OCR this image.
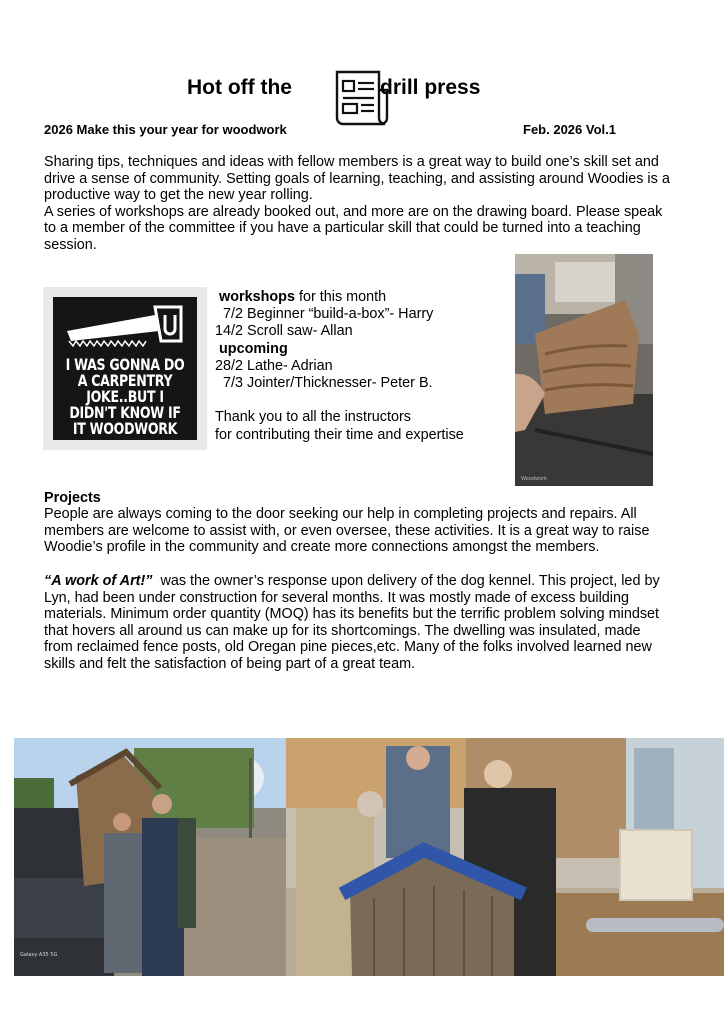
Hot off the	drill press
2026 Make this your year for woodwork	Feb. 2026 Vol.1
Sharing tips, techniques and ideas with fellow members is a great way to build one’s skill set and
drive a sense of community. Setting goals of learning, teaching, and assisting around Woodies is a
productive way to get the new year rolling.
A series of workshops are already booked out, and more are on the drawing board. Please speak
to a member of the committee if you have a particular skill that could be turned into a teaching
session.
I WAS GONNA DO
A CARPENTRY
JOKE..BUT I
DIDN'T KNOW IF
IT WOODWORK
workshops for this month
7/2 Beginner “build-a-box”- Harry
14/2 Scroll saw- Allan
upcoming
28/2 Lathe- Adrian
7/3 Jointer/Thicknesser- Peter B.

Thank you to all the instructors
for contributing their time and expertise
Woodwork
Projects
People are always coming to the door seeking our help in completing projects and repairs. All
members are welcome to assist with, or even oversee, these activities. It is a great way to raise
Woodie’s profile in the community and create more connections amongst the members.
“A work of Art!”  was the owner’s response upon delivery of the dog kennel. This project, led by
Lyn, had been under construction for several months. It was mostly made of excess building
materials. Minimum order quantity (MOQ) has its benefits but the terrific problem solving mindset
that hovers all around us can make up for its shortcomings. The dwelling was insulated, made
from reclaimed fence posts, old Oregan pine pieces,etc. Many of the folks involved learned new
skills and felt the satisfaction of being part of a great team.
Galaxy A35 5G
